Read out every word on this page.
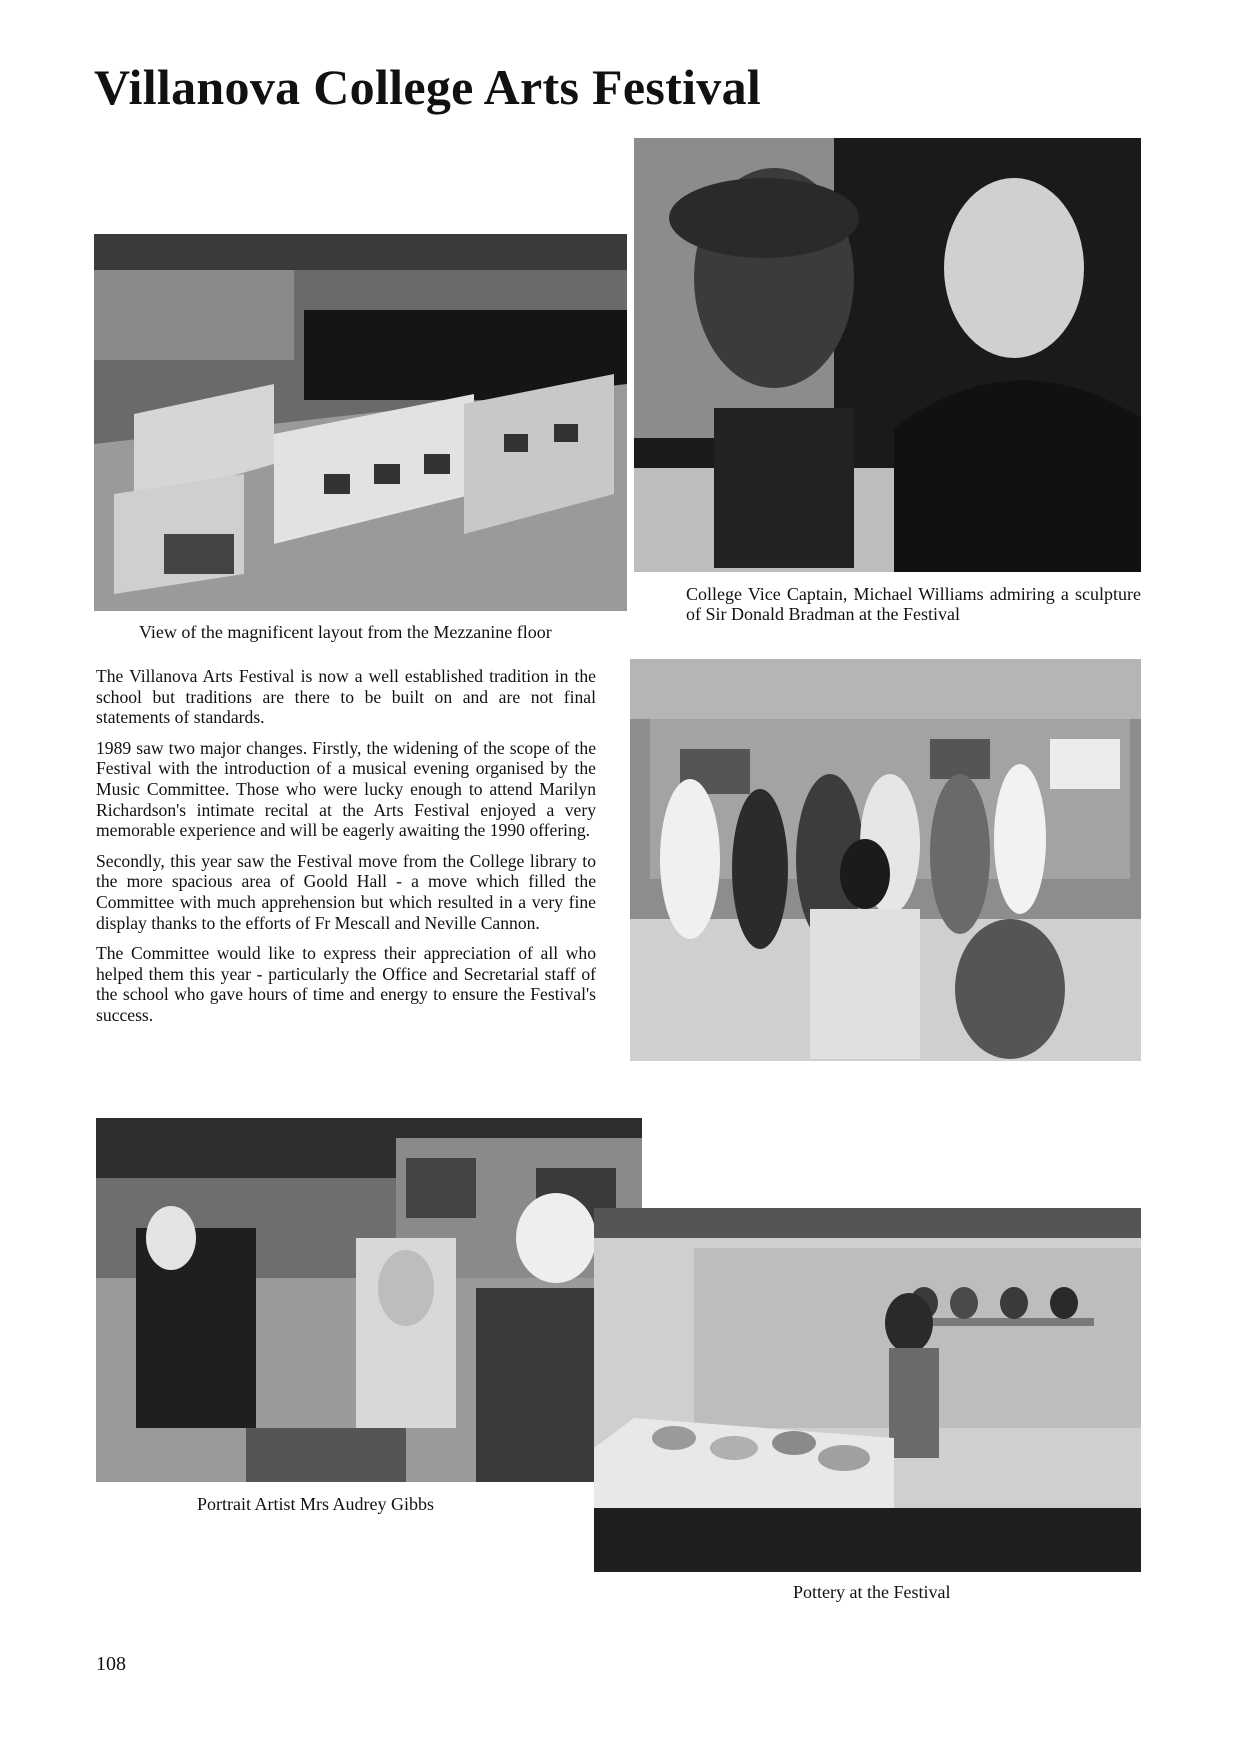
Villanova College Arts Festival

View of the magnificent layout from the Mezzanine floor

College Vice Captain, Michael Williams admiring a sculpture of Sir Donald Bradman at the Festival

The Villanova Arts Festival is now a well established tradition in the school but traditions are there to be built on and are not final statements of standards.

1989 saw two major changes. Firstly, the widening of the scope of the Festival with the introduction of a musical evening organised by the Music Committee. Those who were lucky enough to attend Marilyn Richardson's intimate recital at the Arts Festival enjoyed a very memorable experience and will be eagerly awaiting the 1990 offering.

Secondly, this year saw the Festival move from the College library to the more spacious area of Goold Hall - a move which filled the Committee with much apprehension but which resulted in a very fine display thanks to the efforts of Fr Mescall and Neville Cannon.

The Committee would like to express their appreciation of all who helped them this year - particularly the Office and Secretarial staff of the school who gave hours of time and energy to ensure the Festival's success.

Portrait Artist Mrs Audrey Gibbs

Pottery at the Festival

108
